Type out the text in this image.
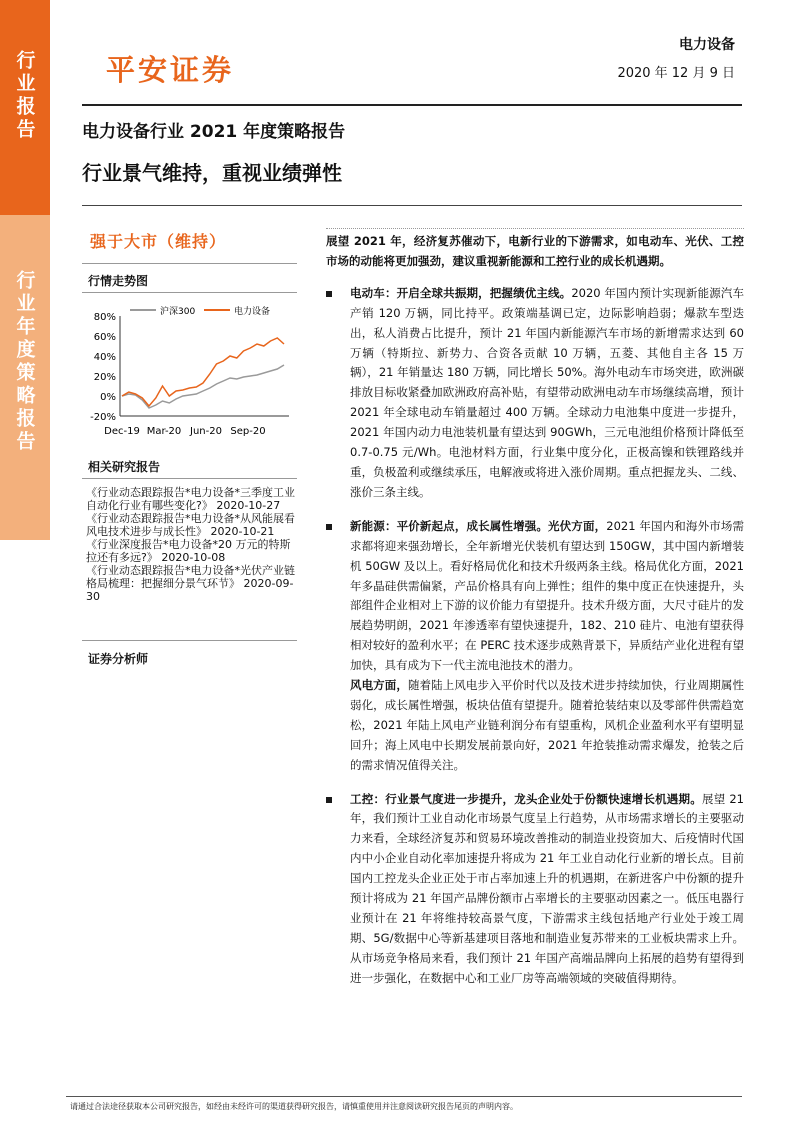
行业报告
行业年度策略报告
平安证券
电力设备
2020 年 12 月 9 日
电力设备行业 2021 年度策略报告
行业景气维持，重视业绩弹性
强于大市（维持）
行情走势图
沪深300	电力设备
80%
60%
40%
20%
0%
-20%
Dec-19 Mar-20 Jun-20 Sep-20
相关研究报告
《行业动态跟踪报告*电力设备*三季度工业自动化行业有哪些变化?》 2020-10-27
《行业动态跟踪报告*电力设备*从风能展看风电技术进步与成长性》 2020-10-21
《行业深度报告*电力设备*20 万元的特斯拉还有多远?》 2020-10-08
《行业动态跟踪报告*电力设备*光伏产业链格局梳理：把握细分景气环节》 2020-09-30
证券分析师

展望 2021 年，经济复苏催动下，电新行业的下游需求，如电动车、光伏、工控市场的动能将更加强劲，建议重视新能源和工控行业的成长机遇期。

电动车：开启全球共振期，把握绩优主线。2020 年国内预计实现新能源汽车产销 120 万辆，同比持平。政策端基调已定，边际影响趋弱；爆款车型迭出，私人消费占比提升，预计 21 年国内新能源汽车市场的新增需求达到 60 万辆（特斯拉、新势力、合资各贡献 10 万辆，五菱、其他自主各 15 万辆），21 年销量达 180 万辆，同比增长 50%。海外电动车市场突进，欧洲碳排放目标收紧叠加欧洲政府高补贴，有望带动欧洲电动车市场继续高增，预计 2021 年全球电动车销量超过 400 万辆。全球动力电池集中度进一步提升，2021 年国内动力电池装机量有望达到 90GWh，三元电池组价格预计降低至 0.7-0.75 元/Wh。电池材料方面，行业集中度分化，正极高镍和铁锂路线并重，负极盈利或继续承压，电解液或将进入涨价周期。重点把握龙头、二线、涨价三条主线。
新能源：平价新起点，成长属性增强。光伏方面，2021 年国内和海外市场需求都将迎来强劲增长，全年新增光伏装机有望达到 150GW，其中国内新增装机 50GW 及以上。看好格局优化和技术升级两条主线。格局优化方面，2021 年多晶硅供需偏紧，产品价格具有向上弹性；组件的集中度正在快速提升，头部组件企业相对上下游的议价能力有望提升。技术升级方面，大尺寸硅片的发展趋势明朗，2021 年渗透率有望快速提升，182、210 硅片、电池有望获得相对较好的盈利水平；在 PERC 技术逐步成熟背景下，异质结产业化进程有望加快，具有成为下一代主流电池技术的潜力。
风电方面，随着陆上风电步入平价时代以及技术进步持续加快，行业周期属性弱化，成长属性增强，板块估值有望提升。随着抢装结束以及零部件供需趋宽松，2021 年陆上风电产业链利润分布有望重构，风机企业盈利水平有望明显回升；海上风电中长期发展前景向好，2021 年抢装推动需求爆发，抢装之后的需求情况值得关注。
工控：行业景气度进一步提升，龙头企业处于份额快速增长机遇期。展望 21 年，我们预计工业自动化市场景气度呈上行趋势，从市场需求增长的主要驱动力来看，全球经济复苏和贸易环境改善推动的制造业投资加大、后疫情时代国内中小企业自动化率加速提升将成为 21 年工业自动化行业新的增长点。目前国内工控龙头企业正处于市占率加速上升的机遇期，在新进客户中份额的提升预计将成为 21 年国产品牌份额市占率增长的主要驱动因素之一。低压电器行业预计在 21 年将维持较高景气度，下游需求主线包括地产行业处于竣工周期、5G/数据中心等新基建项目落地和制造业复苏带来的工业板块需求上升。从市场竞争格局来看，我们预计 21 年国产高端品牌向上拓展的趋势有望得到进一步强化，在数据中心和工业厂房等高端领域的突破值得期待。
请通过合法途径获取本公司研究报告，如经由未经许可的渠道获得研究报告，请慎重使用并注意阅读研究报告尾页的声明内容。
